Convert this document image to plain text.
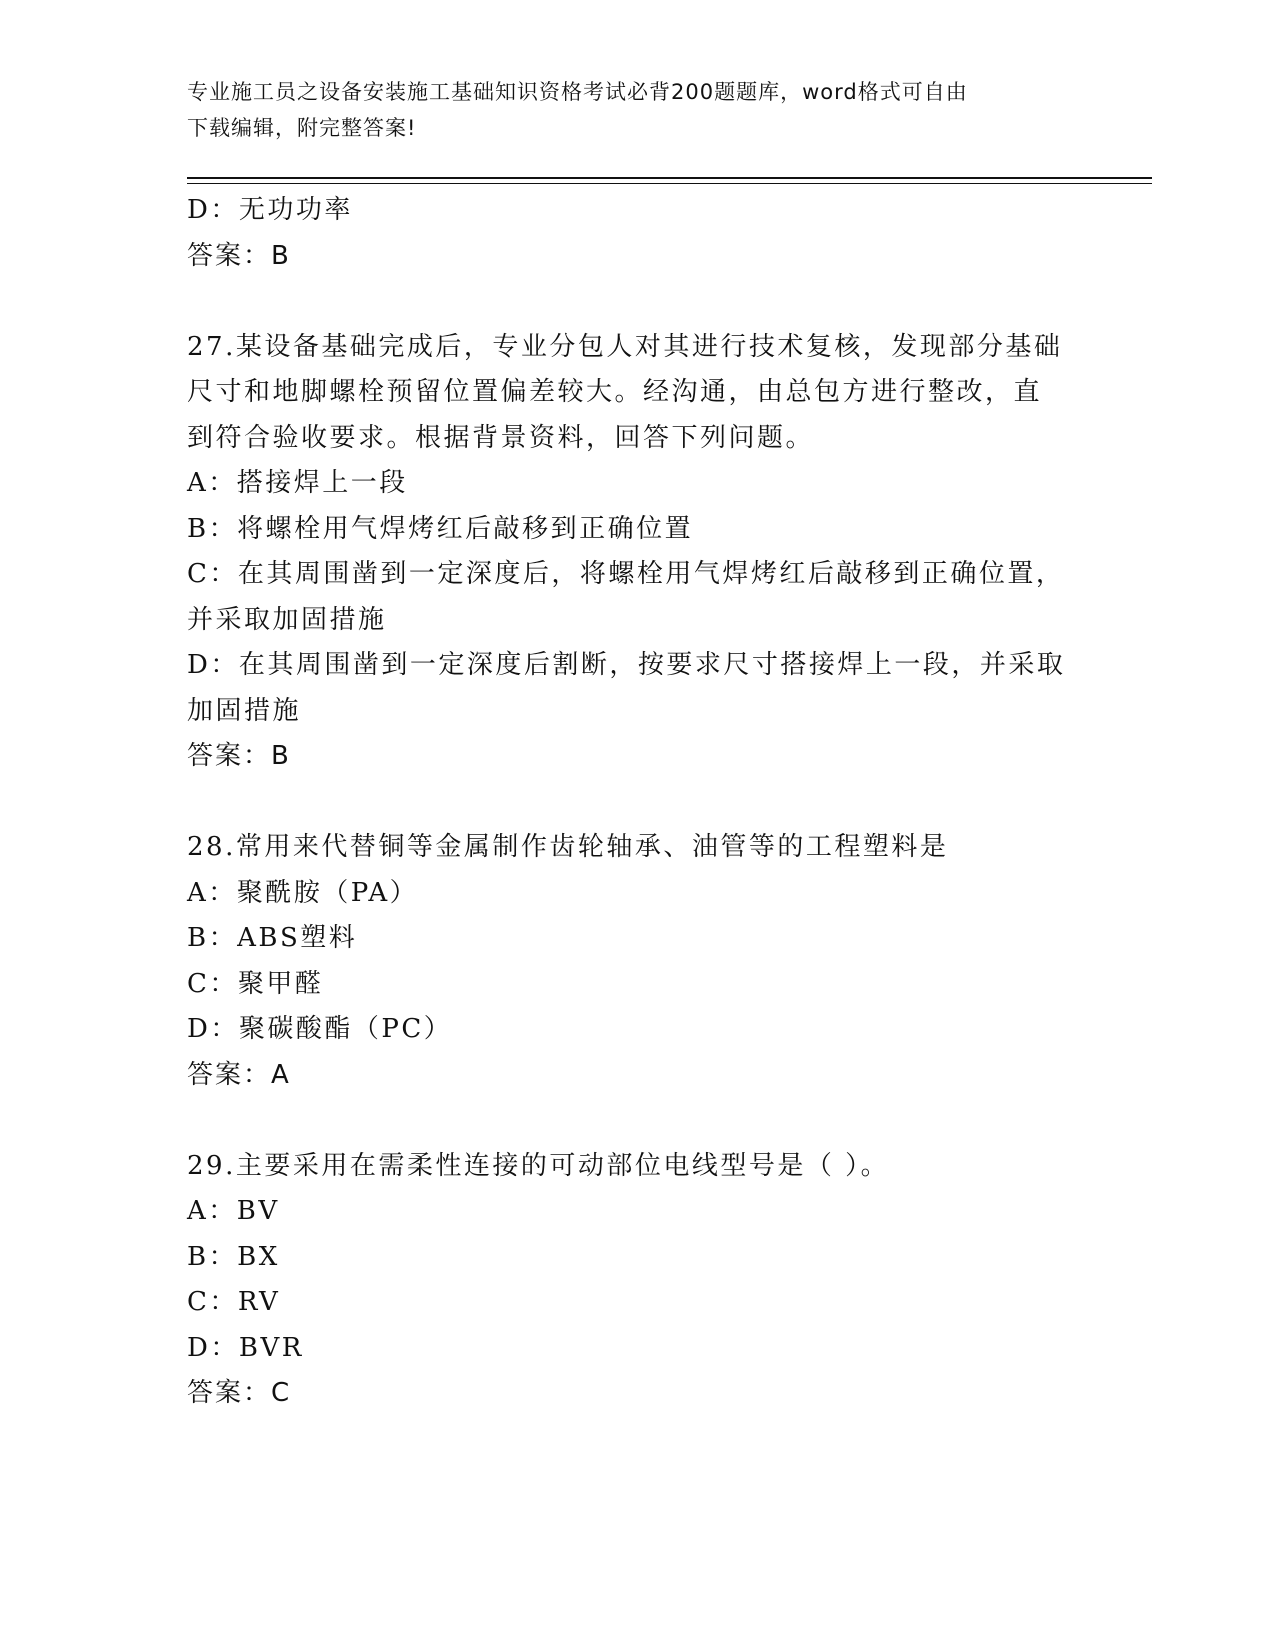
专业施工员之设备安装施工基础知识资格考试必背200题题库，word格式可自由
下载编辑，附完整答案!
D：无功功率
答案：B
27.某设备基础完成后，专业分包人对其进行技术复核，发现部分基础
尺寸和地脚螺栓预留位置偏差较大。经沟通，由总包方进行整改，直
到符合验收要求。根据背景资料，回答下列问题。
A：搭接焊上一段
B：将螺栓用气焊烤红后敲移到正确位置
C：在其周围凿到一定深度后，将螺栓用气焊烤红后敲移到正确位置，
并采取加固措施
D：在其周围凿到一定深度后割断，按要求尺寸搭接焊上一段，并采取
加固措施
答案：B
28.常用来代替铜等金属制作齿轮轴承、油管等的工程塑料是
A：聚酰胺（PA）
B：ABS塑料
C：聚甲醛
D：聚碳酸酯（PC）
答案：A
29.主要采用在需柔性连接的可动部位电线型号是（ ）。
A：BV
B：BX
C：RV
D：BVR
答案：C
